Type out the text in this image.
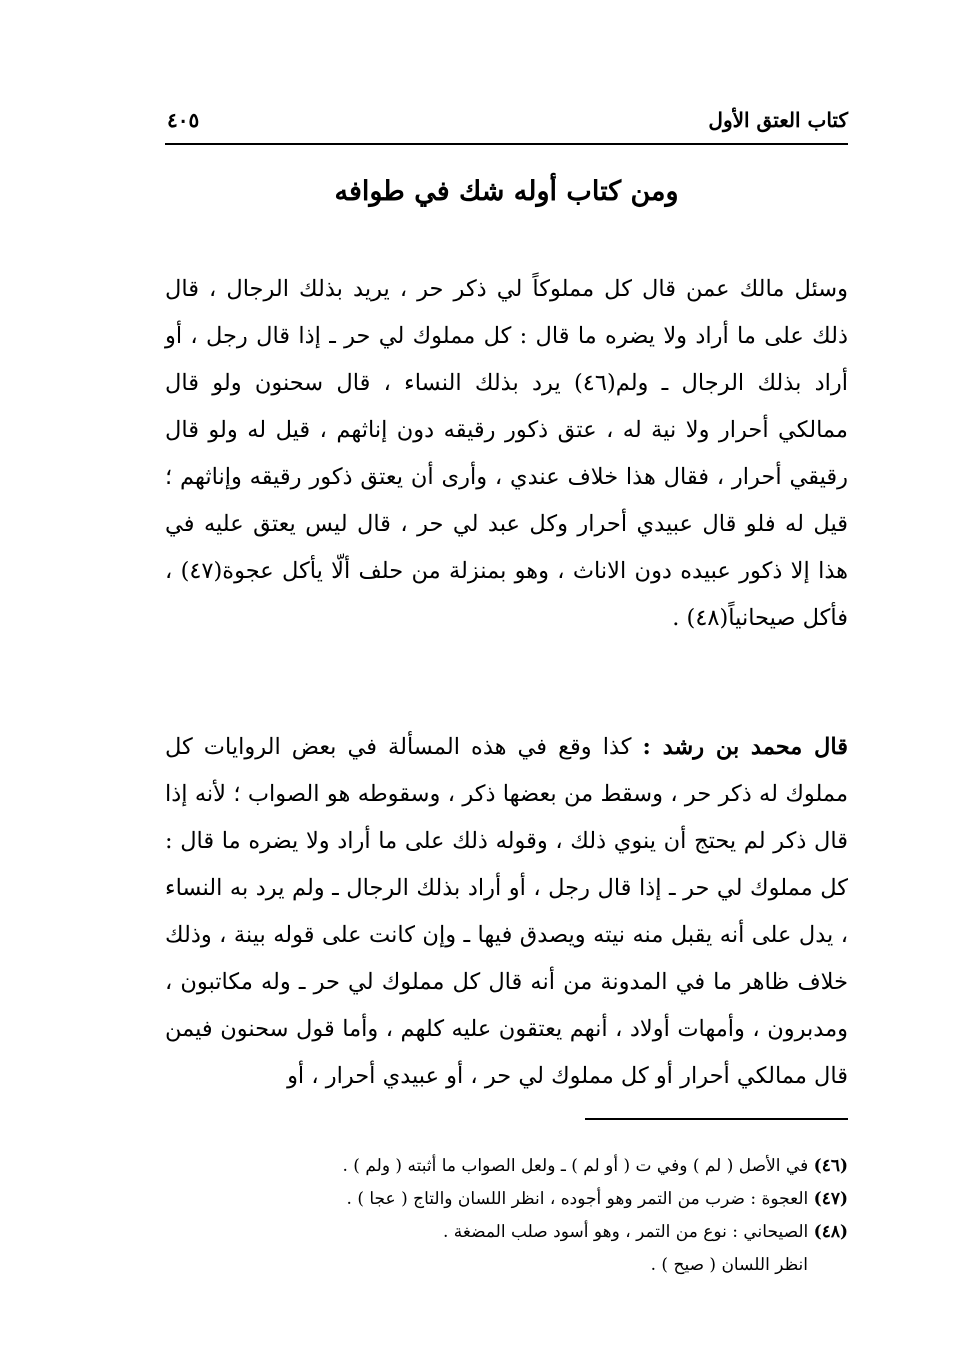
كتاب العتق الأول
٤٠٥
ومن كتاب أوله شك في طوافه

وسئل مالك عمن قال كل مملوكاً لي ذكر حر ، يريد بذلك الرجال ، قال ذلك على ما أراد ولا يضره ما قال : كل مملوك لي حر ـ إذا قال رجل ، أو أراد بذلك الرجال ـ ولم(٤٦) يرد بذلك النساء ، قال سحنون ولو قال ممالكي أحرار ولا نية له ، عتق ذكور رقيقه دون إناثهم ، قيل له ولو قال رقيقي أحرار ، فقال هذا خلاف عندي ، وأرى أن يعتق ذكور رقيقه وإناثهم ؛ قيل له فلو قال عبيدي أحرار وكل عبد لي حر ، قال ليس يعتق عليه في هذا إلا ذكور عبيده دون الاناث ، وهو بمنزلة من حلف ألّا يأكل عجوة(٤٧) ، فأكل صيحانياً(٤٨) .

قال محمد بن رشد : كذا وقع في هذه المسألة في بعض الروايات كل مملوك له ذكر حر ، وسقط من بعضها ذكر ، وسقوطه هو الصواب ؛ لأنه إذا قال ذكر لم يحتج أن ينوي ذلك ، وقوله ذلك على ما أراد ولا يضره ما قال : كل مملوك لي حر ـ إذا قال رجل ، أو أراد بذلك الرجال ـ ولم يرد به النساء ، يدل على أنه يقبل منه نيته ويصدق فيها ـ وإن كانت على قوله بينة ، وذلك خلاف ظاهر ما في المدونة من أنه قال كل مملوك لي حر ـ وله مكاتبون ، ومدبرون ، وأمهات أولاد ، أنهم يعتقون عليه كلهم ، وأما قول سحنون فيمن قال ممالكي أحرار أو كل مملوك لي حر ، أو عبيدي أحرار ، أو

(٤٦) في الأصل ( لم ) وفي ت ( أو لم ) ـ ولعل الصواب ما أثبته ( ولم ) .

(٤٧) العجوة : ضرب من التمر وهو أجوده ، انظر اللسان والتاج ( عجا ) .

(٤٨) الصيحاني : نوع من التمر ، وهو أسود صلب المضغة .

انظر اللسان ( صيح ) .
